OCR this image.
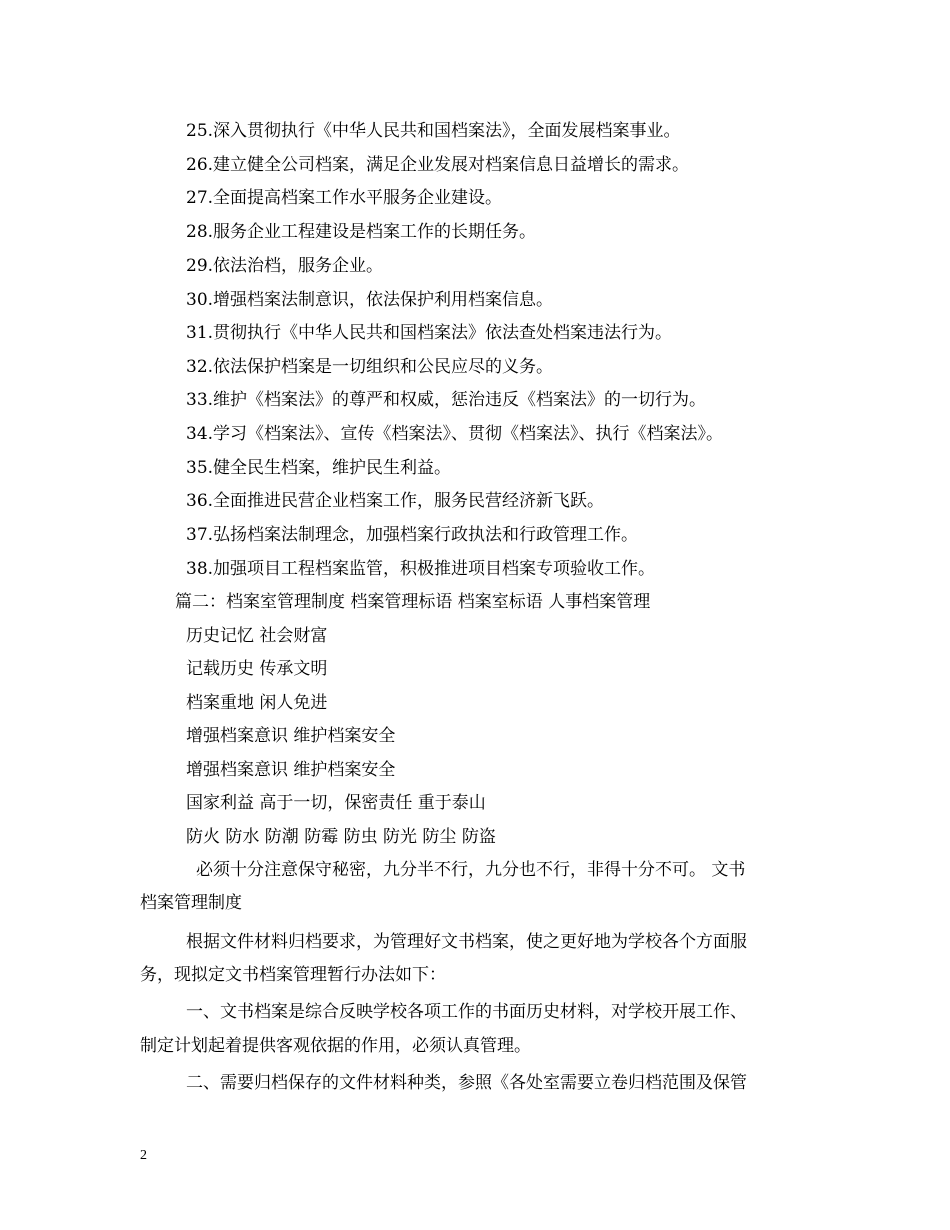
25.深入贯彻执行《中华人民共和国档案法》，全面发展档案事业。
26.建立健全公司档案，满足企业发展对档案信息日益增长的需求。
27.全面提高档案工作水平服务企业建设。
28.服务企业工程建设是档案工作的长期任务。
29.依法治档，服务企业。
30.增强档案法制意识，依法保护利用档案信息。
31.贯彻执行《中华人民共和国档案法》依法查处档案违法行为。
32.依法保护档案是一切组织和公民应尽的义务。
33.维护《档案法》的尊严和权威，惩治违反《档案法》的一切行为。
34.学习《档案法》、宣传《档案法》、贯彻《档案法》、执行《档案法》。
35.健全民生档案，维护民生利益。
36.全面推进民营企业档案工作，服务民营经济新飞跃。
37.弘扬档案法制理念，加强档案行政执法和行政管理工作。
38.加强项目工程档案监管，积极推进项目档案专项验收工作。
篇二：档案室管理制度 档案管理标语 档案室标语 人事档案管理
历史记忆 社会财富
记载历史 传承文明
档案重地 闲人免进
增强档案意识 维护档案安全
增强档案意识 维护档案安全
国家利益 高于一切，保密责任 重于泰山
防火 防水 防潮 防霉 防虫 防光 防尘 防盗
必须十分注意保守秘密，九分半不行，九分也不行，非得十分不可。 文书
档案管理制度
根据文件材料归档要求，为管理好文书档案，使之更好地为学校各个方面服
务，现拟定文书档案管理暂行办法如下：
一、文书档案是综合反映学校各项工作的书面历史材料，对学校开展工作、
制定计划起着提供客观依据的作用，必须认真管理。
二、需要归档保存的文件材料种类，参照《各处室需要立卷归档范围及保管
2
